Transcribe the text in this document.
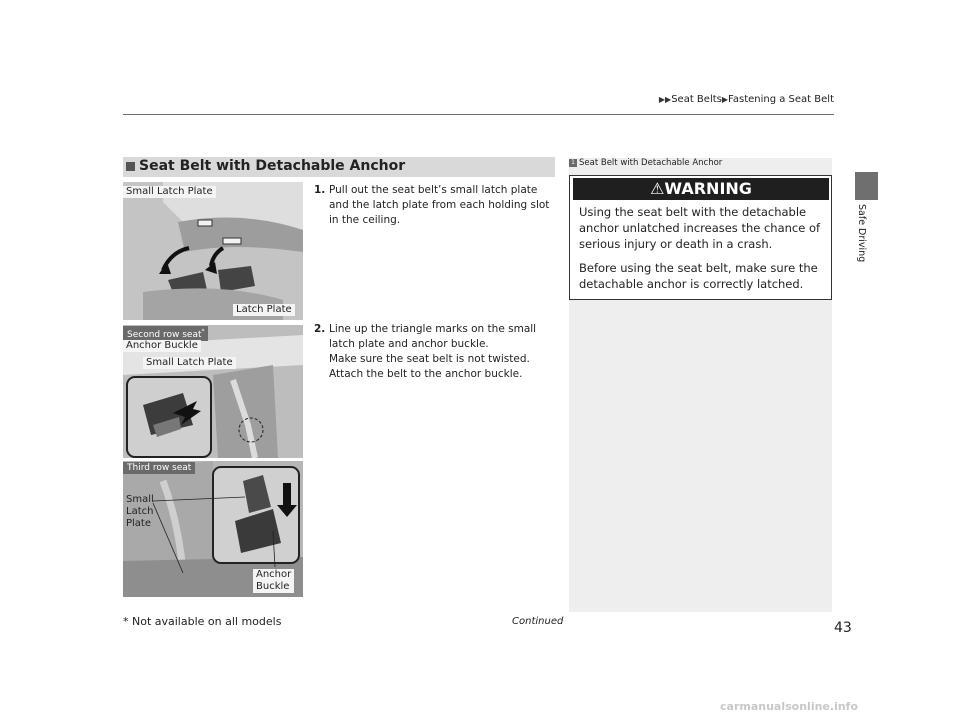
▶▶Seat Belts▶Fastening a Seat Belt
Safe Driving
Seat Belt with Detachable Anchor
Small Latch Plate
Latch Plate
1. Pull out the seat belt’s small latch plate and the latch plate from each holding slot in the ceiling.
Second row seat*
Anchor Buckle
Small Latch Plate
2. Line up the triangle marks on the small latch plate and anchor buckle.
Make sure the seat belt is not twisted.
Attach the belt to the anchor buckle.
Third row seat
Small
Latch
Plate
Anchor
Buckle
1 Seat Belt with Detachable Anchor
⚠WARNING

Using the seat belt with the detachable anchor unlatched increases the chance of serious injury or death in a crash.

Before using the seat belt, make sure the detachable anchor is correctly latched.

* Not available on all models	Continued	43
carmanualsonline.info
